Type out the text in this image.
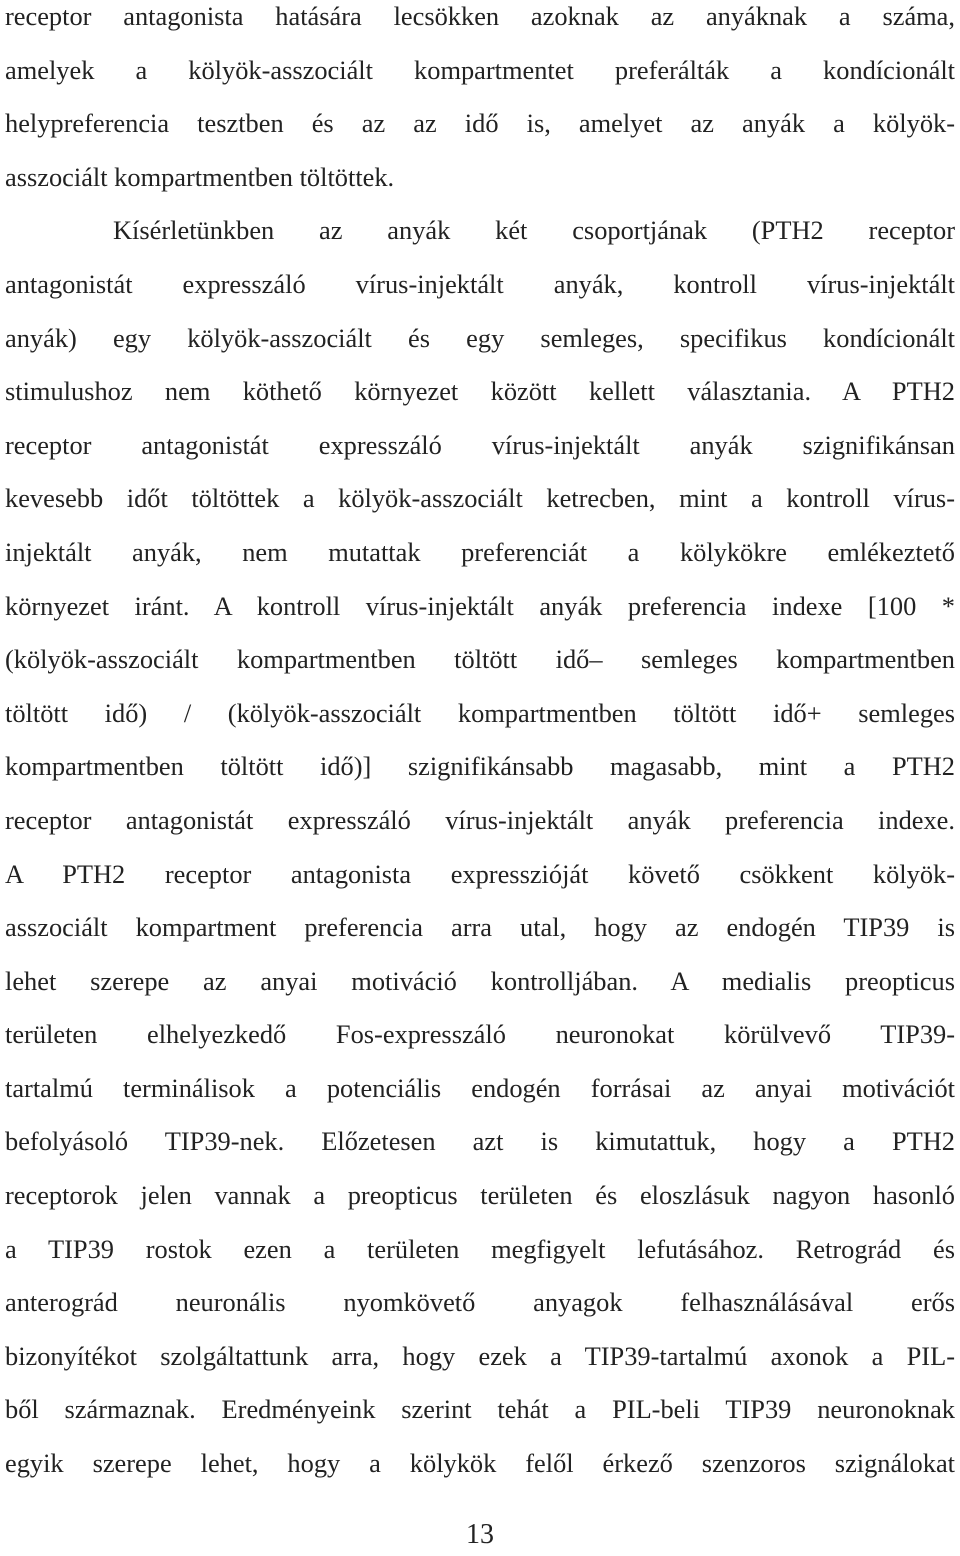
receptor antagonista hatására lecsökken azoknak az anyáknak a száma,
amelyek a kölyök-asszociált kompartmentet preferálták a kondícionált
helypreferencia tesztben és az az idő is, amelyet az anyák a kölyök-
asszociált kompartmentben töltöttek.
Kísérletünkben az anyák két csoportjának (PTH2 receptor
antagonistát expresszáló vírus-injektált anyák, kontroll vírus-injektált
anyák) egy kölyök-asszociált és egy semleges, specifikus kondícionált
stimulushoz nem köthető környezet között kellett választania. A PTH2
receptor antagonistát expresszáló vírus-injektált anyák szignifikánsan
kevesebb időt töltöttek a kölyök-asszociált ketrecben, mint a kontroll vírus-
injektált anyák, nem mutattak preferenciát a kölykökre emlékeztető
környezet iránt. A kontroll vírus-injektált anyák preferencia indexe [100 *
(kölyök-asszociált kompartmentben töltött idő– semleges kompartmentben
töltött idő) / (kölyök-asszociált kompartmentben töltött idő+ semleges
kompartmentben töltött idő)] szignifikánsabb magasabb, mint a PTH2
receptor antagonistát expresszáló vírus-injektált anyák preferencia indexe.
A PTH2 receptor antagonista expresszióját követő csökkent kölyök-
asszociált kompartment preferencia arra utal, hogy az endogén TIP39 is
lehet szerepe az anyai motiváció kontrolljában. A medialis preopticus
területen elhelyezkedő Fos-expresszáló neuronokat körülvevő TIP39-
tartalmú terminálisok a potenciális endogén forrásai az anyai motivációt
befolyásoló TIP39-nek. Előzetesen azt is kimutattuk, hogy a PTH2
receptorok jelen vannak a preopticus területen és eloszlásuk nagyon hasonló
a TIP39 rostok ezen a területen megfigyelt lefutásához. Retrográd és
anterográd neuronális nyomkövető anyagok felhasználásával erős
bizonyítékot szolgáltattunk arra, hogy ezek a TIP39-tartalmú axonok a PIL-
ből származnak. Eredményeink szerint tehát a PIL-beli TIP39 neuronoknak
egyik szerepe lehet, hogy a kölykök felől érkező szenzoros szignálokat
13
